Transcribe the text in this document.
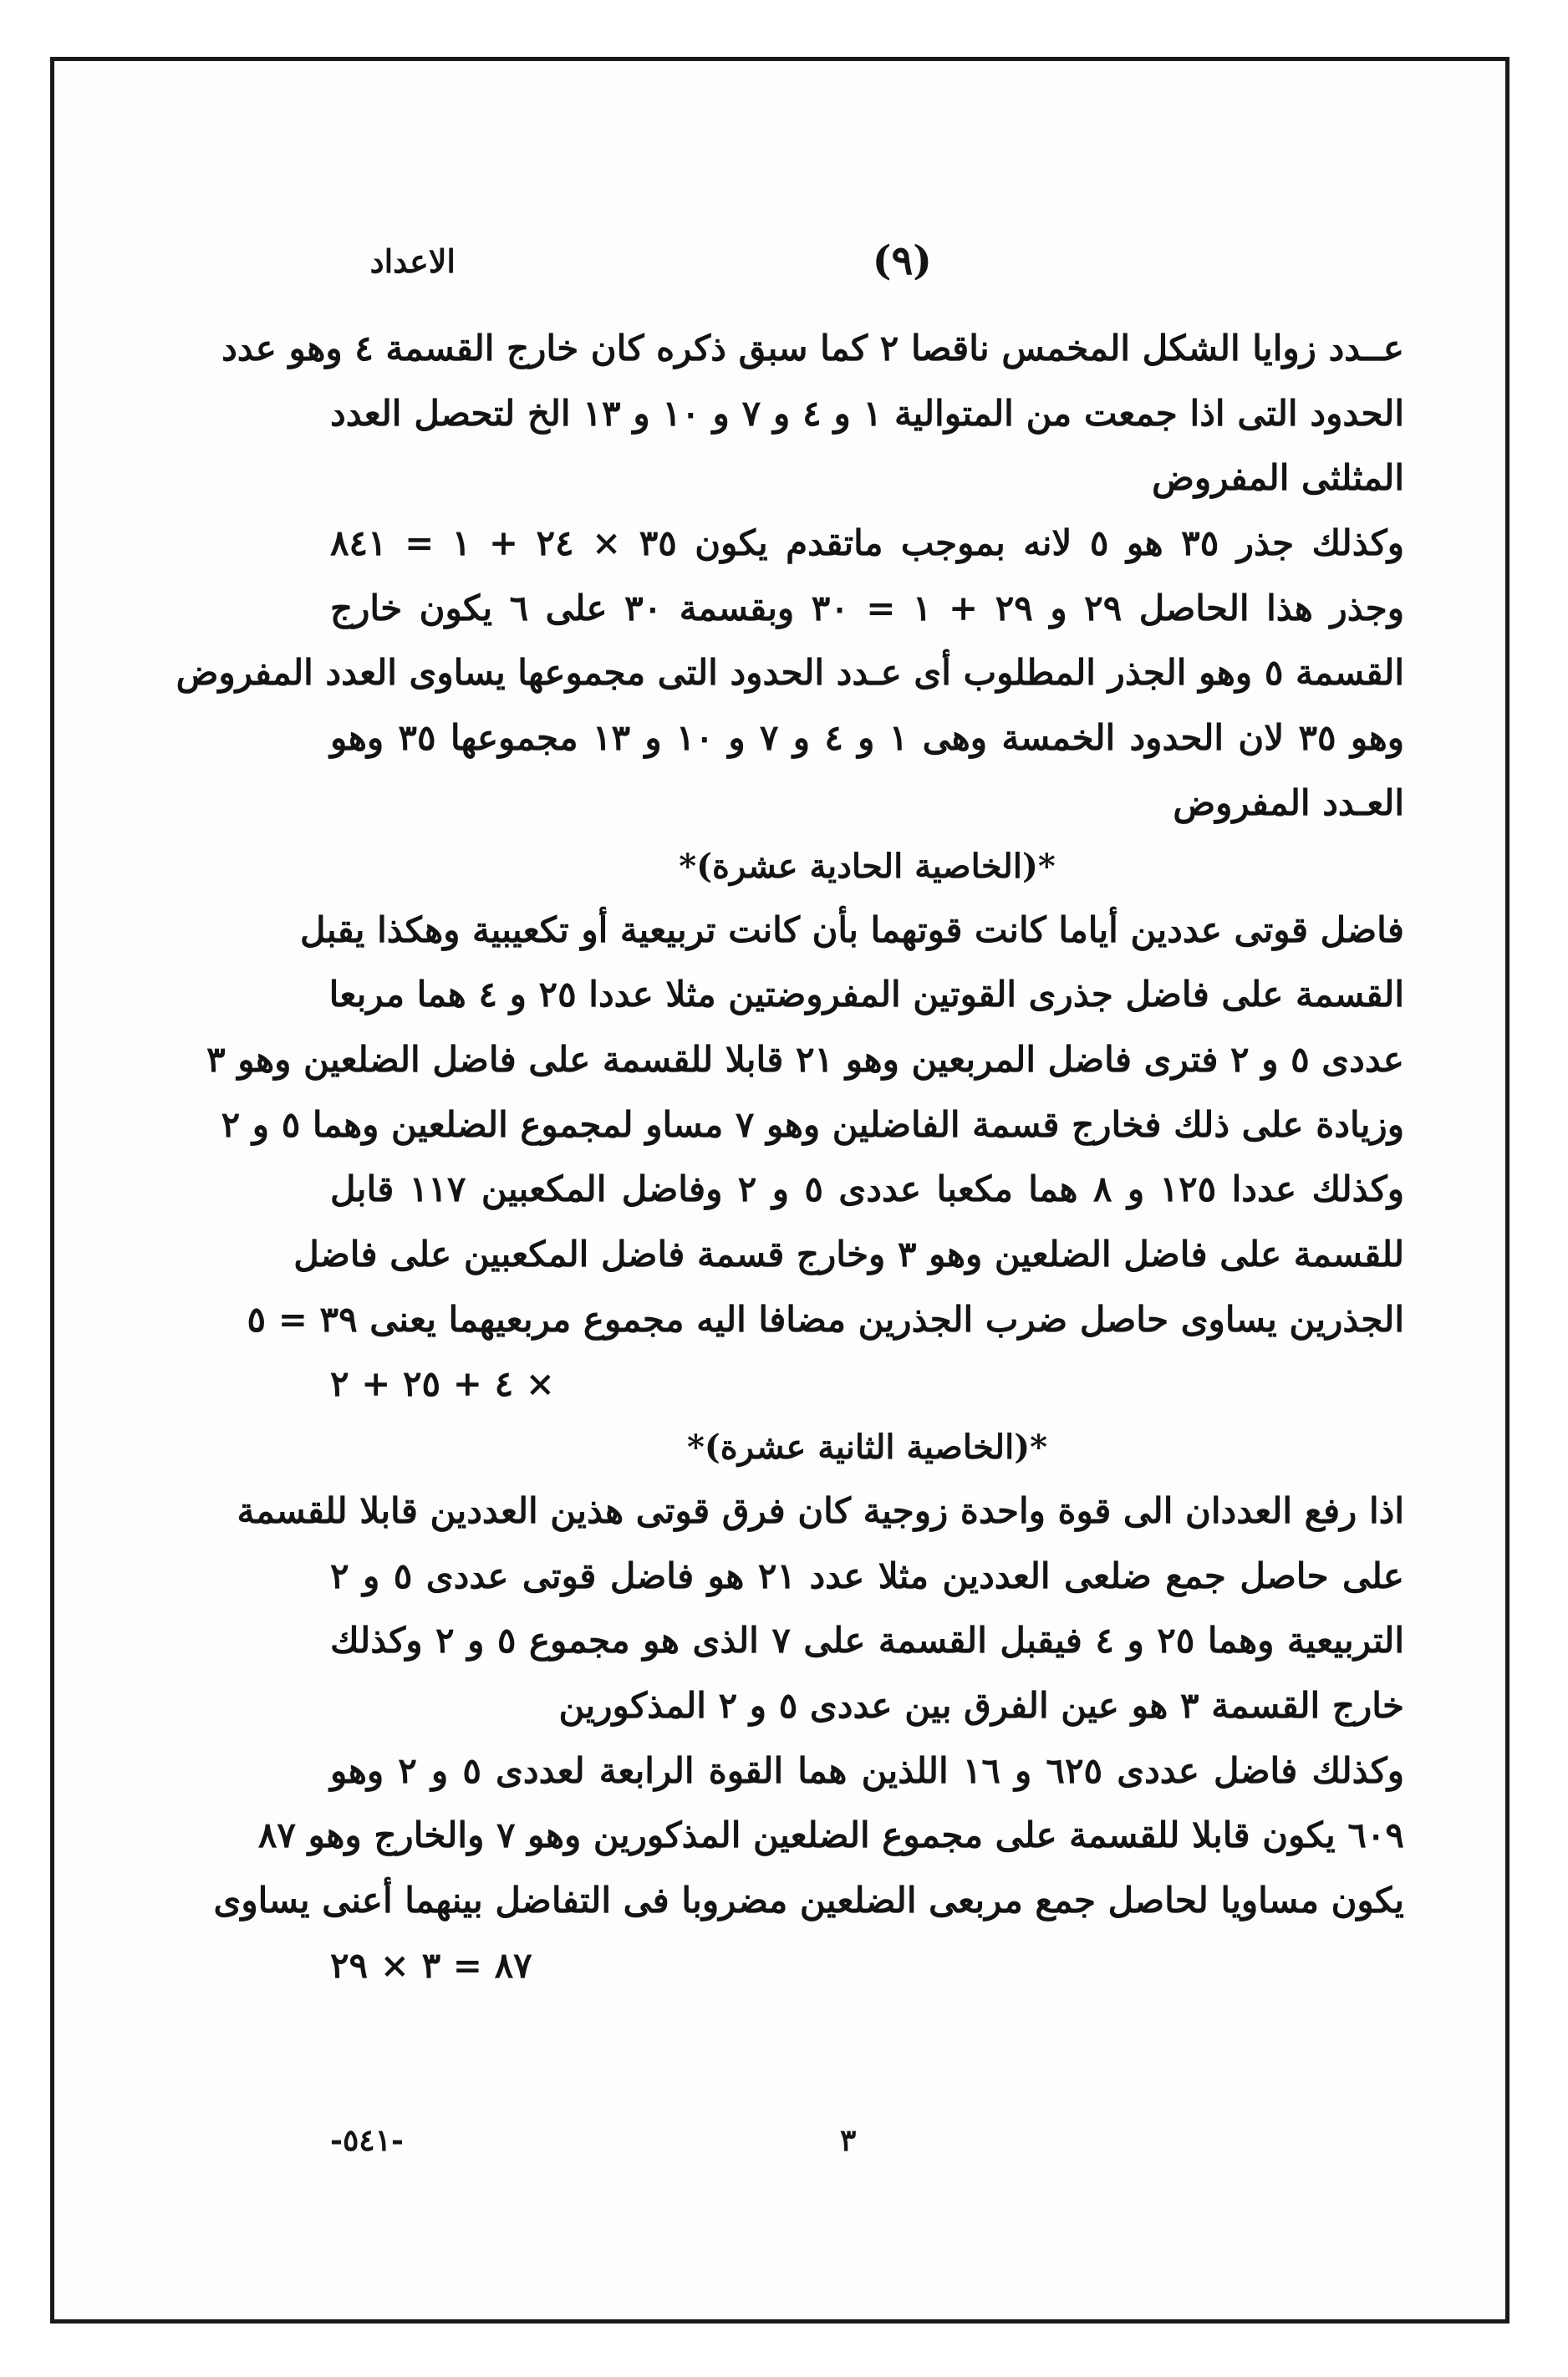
الاعداد	(٩)
عــدد زوايا الشكل المخمس ناقصا ٢ كما سبق ذكره كان خارج القسمة ٤ وهو عدد
الحدود التى اذا جمعت من المتوالية ١ و ٤ و ٧ و ١٠ و ١٣ الخ لتحصل العدد
المثلثى المفروض
وكذلك جذر ٣٥ هو ٥ لانه بموجب ماتقدم يكون ٣٥ × ٢٤ + ١ = ٨٤١
وجذر هذا الحاصل ٢٩ و ٢٩ + ١ = ٣٠ وبقسمة ٣٠ على ٦ يكون خارج
القسمة ٥ وهو الجذر المطلوب أى عـدد الحدود التى مجموعها يساوى العدد المفروض
وهو ٣٥ لان الحدود الخمسة وهى ١ و ٤ و ٧ و ١٠ و ١٣ مجموعها ٣٥ وهو
العـدد المفروض
*(الخاصية الحادية عشرة)*
فاضل قوتى عددين أياما كانت قوتهما بأن كانت تربيعية أو تكعيبية وهكذا يقبل
القسمة على فاضل جذرى القوتين المفروضتين مثلا عددا ٢٥ و ٤ هما مربعا
عددى ٥ و ٢ فترى فاضل المربعين وهو ٢١ قابلا للقسمة على فاضل الضلعين وهو ٣
وزيادة على ذلك فخارج قسمة الفاضلين وهو ٧ مساو لمجموع الضلعين وهما ٥ و ٢
وكذلك عددا ١٢٥ و ٨ هما مكعبا عددى ٥ و ٢ وفاضل المكعبين ١١٧ قابل
للقسمة على فاضل الضلعين وهو ٣ وخارج قسمة فاضل المكعبين على فاضل
الجذرين يساوى حاصل ضرب الجذرين مضافا اليه مجموع مربعيهما يعنى ٣٩ = ٥
٤ + ٢٥ + ٢ ×
*(الخاصية الثانية عشرة)*
اذا رفع العددان الى قوة واحدة زوجية كان فرق قوتى هذين العددين قابلا للقسمة
على حاصل جمع ضلعى العددين مثلا عدد ٢١ هو فاضل قوتى عددى ٥ و ٢
التربيعية وهما ٢٥ و ٤ فيقبل القسمة على ٧ الذى هو مجموع ٥ و ٢ وكذلك
خارج القسمة ٣ هو عين الفرق بين عددى ٥ و ٢ المذكورين
وكذلك فاضل عددى ٦٢٥ و ١٦ اللذين هما القوة الرابعة لعددى ٥ و ٢ وهو
٦٠٩ يكون قابلا للقسمة على مجموع الضلعين المذكورين وهو ٧ والخارج وهو ٨٧
يكون مساويا لحاصل جمع مربعى الضلعين مضروبا فى التفاضل بينهما أعنى يساوى
٨٧ = ٣ × ٢٩
-٥٤١-	٣
